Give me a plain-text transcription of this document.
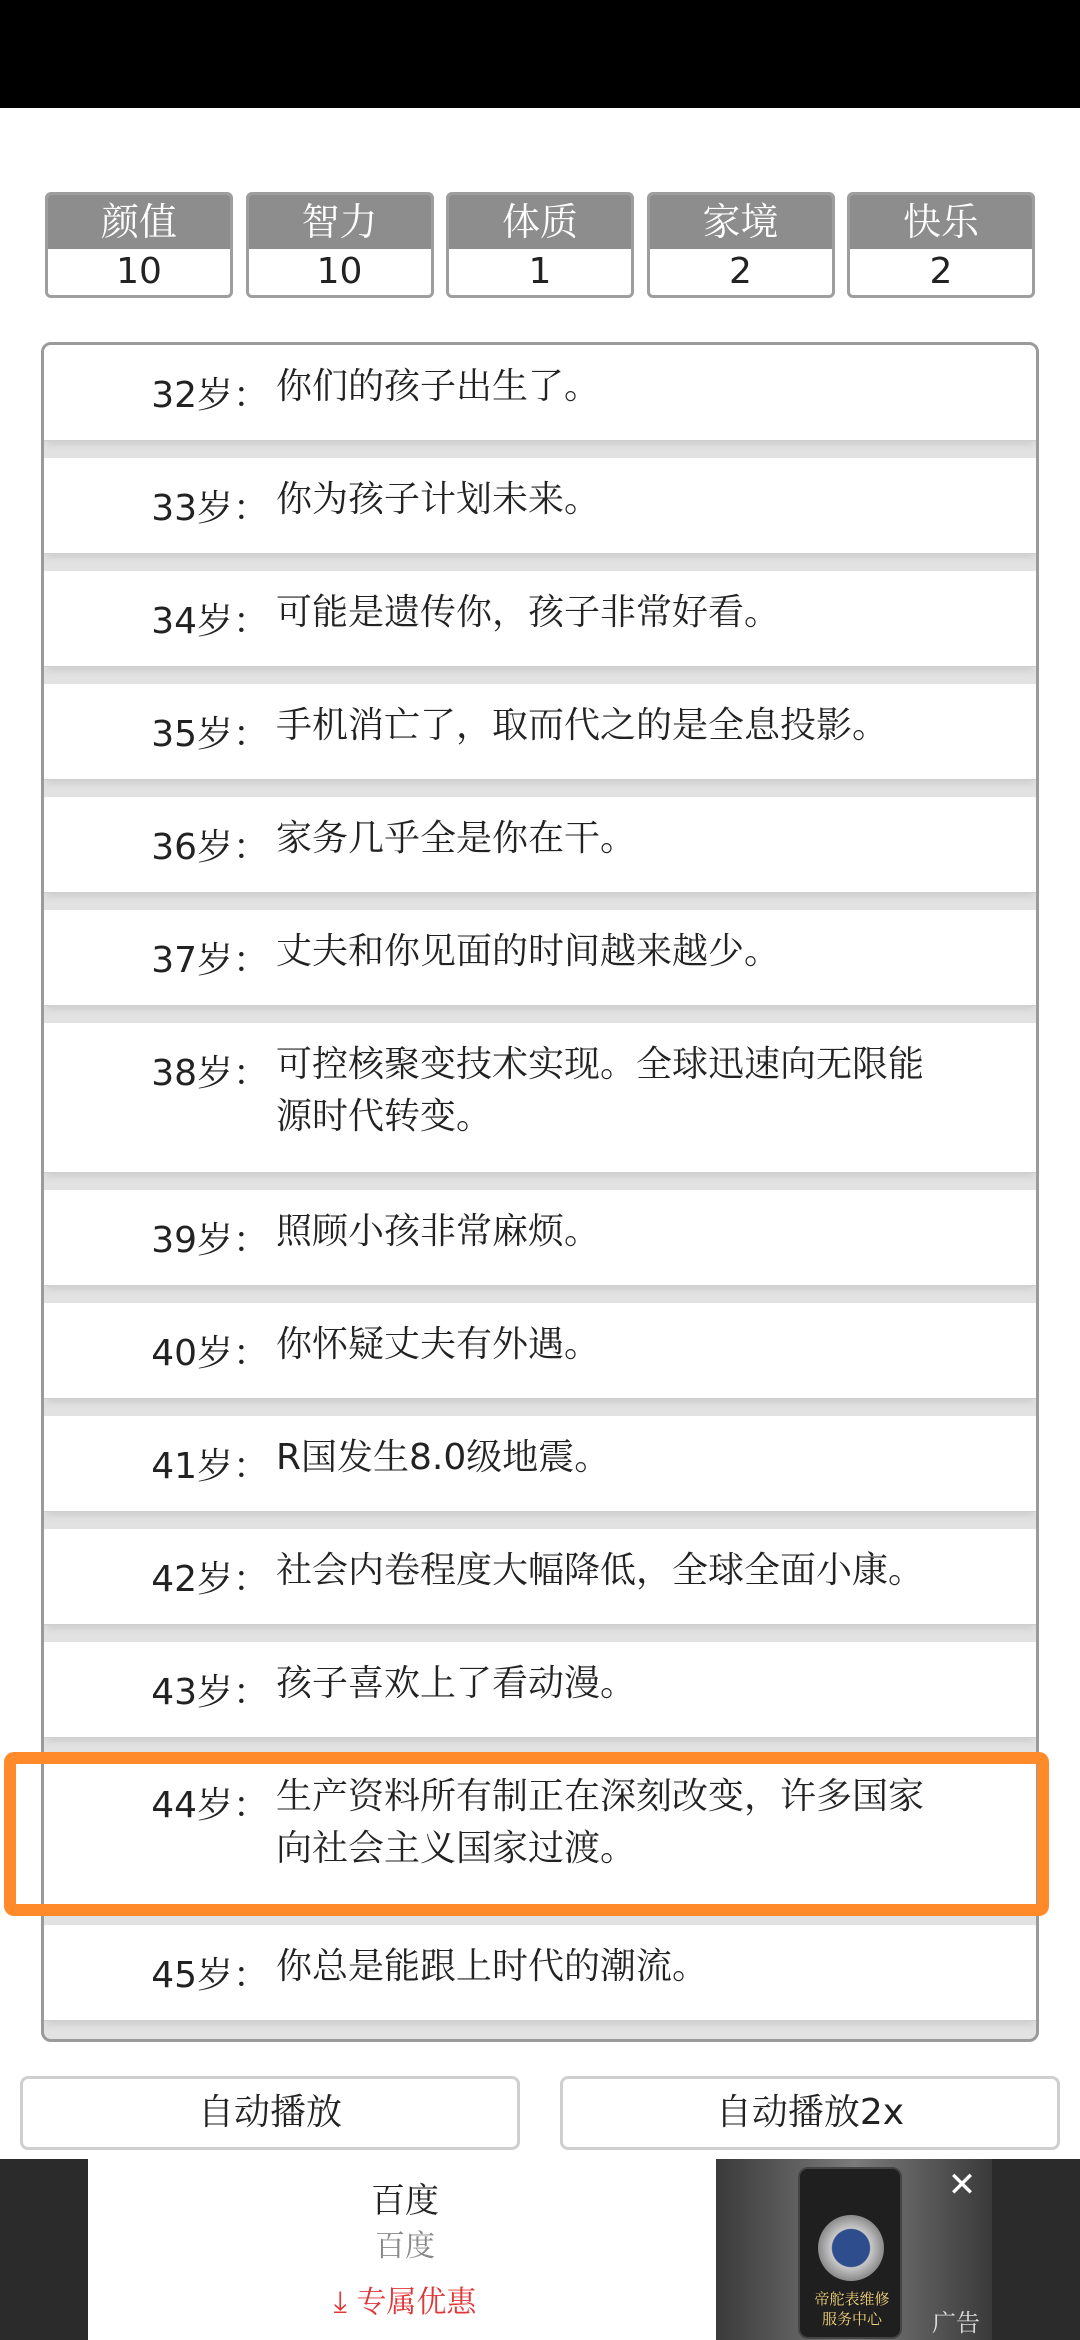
颜值
10
智力
10
体质
1
家境
2
快乐
2
32岁： 你们的孩子出生了。
33岁： 你为孩子计划未来。
34岁： 可能是遗传你，孩子非常好看。
35岁： 手机消亡了，取而代之的是全息投影。
36岁： 家务几乎全是你在干。
37岁： 丈夫和你见面的时间越来越少。
38岁： 可控核聚变技术实现。全球迅速向无限能
源时代转变。
39岁： 照顾小孩非常麻烦。
40岁： 你怀疑丈夫有外遇。
41岁： R国发生8.0级地震。
42岁： 社会内卷程度大幅降低，全球全面小康。
43岁： 孩子喜欢上了看动漫。
44岁： 生产资料所有制正在深刻改变，许多国家
向社会主义国家过渡。
45岁： 你总是能跟上时代的潮流。
自动播放	自动播放2x
百度
百度
⤓ 专属优惠	帝舵表维修
服务中心
✕
广告
